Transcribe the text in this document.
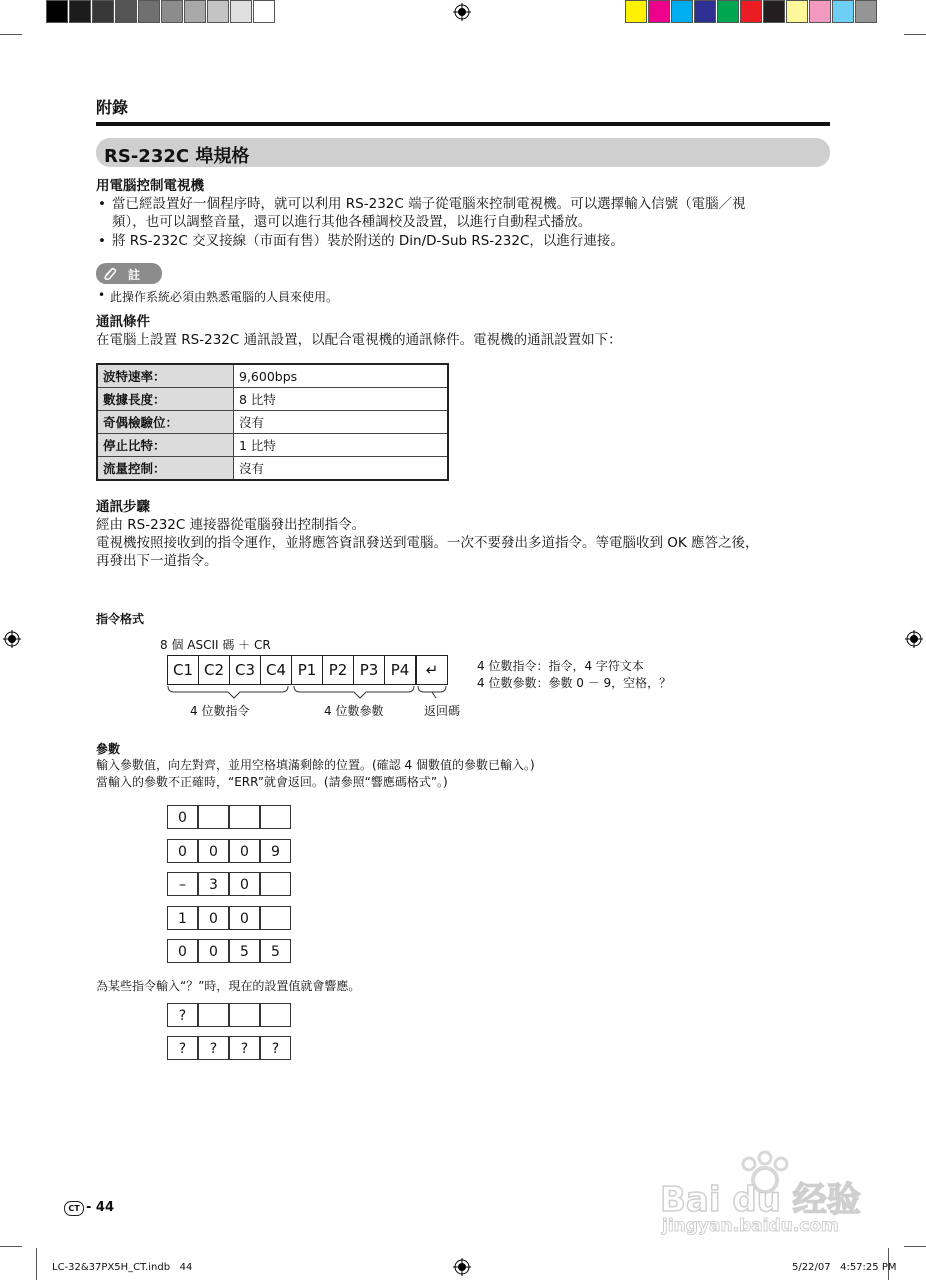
附錄
RS-232C 埠規格
用電腦控制電視機
• 當已經設置好一個程序時，就可以利用 RS-232C 端子從電腦來控制電視機。可以選擇輸入信號（電腦／視
頻），也可以調整音量，還可以進行其他各種調校及設置，以進行自動程式播放。
• 將 RS-232C 交叉接線（市面有售）裝於附送的 Din/D-Sub RS-232C，以進行連接。
註
• 此操作系統必須由熟悉電腦的人員來使用。
通訊條件
在電腦上設置 RS-232C 通訊設置，以配合電視機的通訊條件。電視機的通訊設置如下：
波特速率：	9,600bps
數據長度：	8 比特
奇偶檢驗位：	沒有
停止比特：	1 比特
流量控制：	沒有
通訊步驟
經由 RS-232C 連接器從電腦發出控制指令。
電視機按照接收到的指令運作，並將應答資訊發送到電腦。一次不要發出多道指令。等電腦收到 OK 應答之後，
再發出下一道指令。
指令格式
8 個 ASCII 碼 ＋ CR
C1 C2 C3 C4 P1 P2 P3 P4	↵
4 位數指令	4 位數參數	返回碼
4 位數指令：指令，4 字符文本
4 位數參數：參數 0 － 9，空格，？
參數
輸入參數值，向左對齊，並用空格填滿剩餘的位置。(確認 4 個數值的參數已輸入。)
當輸入的參數不正確時，“ERR”就會返回。(請參照“響應碼格式”。)
0
0	0	0	9
–	3	0
1	0	0
0	0	5	5
為某些指令輸入“？”時，現在的設置值就會響應。
?
?	?	?	?
Bai du 经验
jingyan.baidu.com
CT - 44
LC-32&37PX5H_CT.indb   44	5/22/07   4:57:25 PM
